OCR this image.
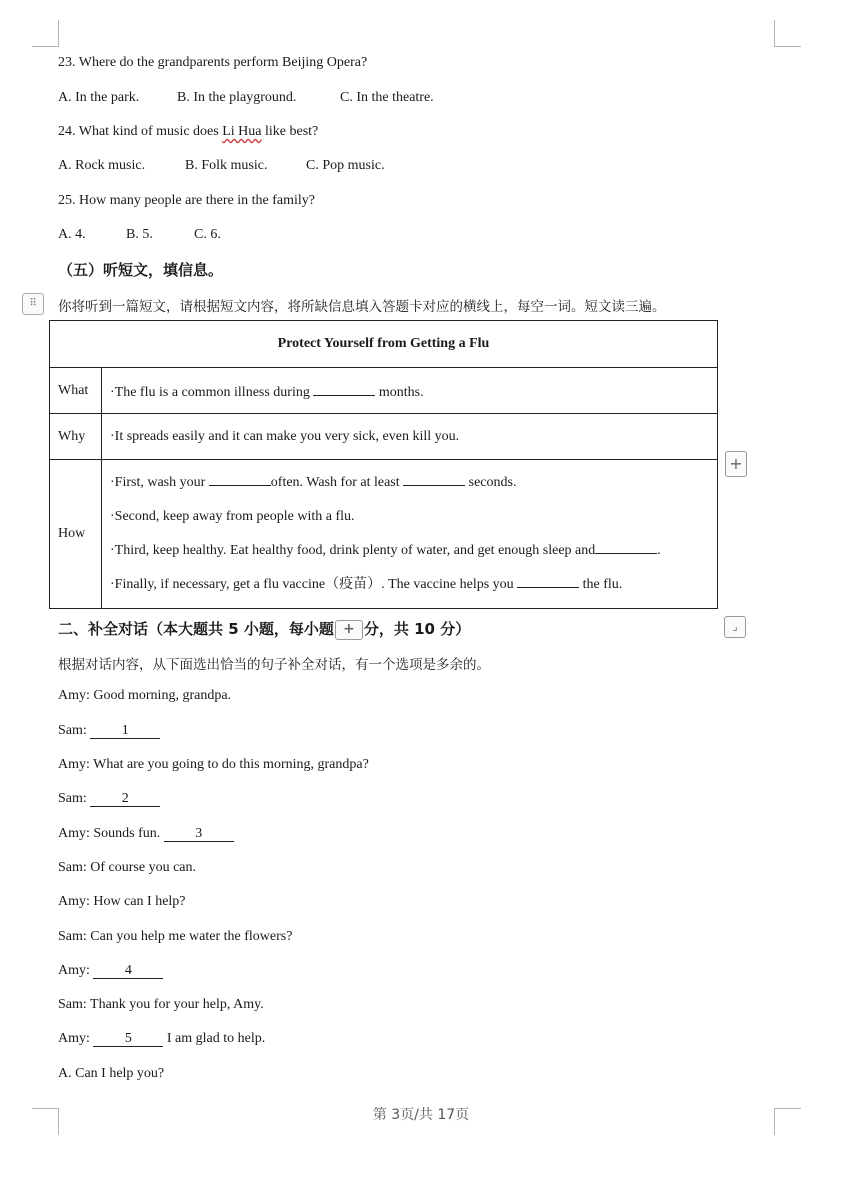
23. Where do the grandparents perform Beijing Opera?
A. In the park.	B. In the playground.	C. In the theatre.
24. What kind of music does Li Hua like best?
A. Rock music.	B. Folk music.	C. Pop music.
25. How many people are there in the family?
A. 4.	B. 5.	C. 6.
（五）听短文，填信息。
⠿	你将听到一篇短文，请根据短文内容，将所缺信息填入答题卡对应的横线上，每空一词。短文读三遍。
Protect Yourself from Getting a Flu	
What	·The flu is a common illness during months.
Why	·It spreads easily and it can make you very sick, even kill you.
How	·First, wash your often. Wash for at least seconds.
·Second, keep away from people with a flu.
·Third, keep healthy. Eat healthy food, drink plenty of water, and get enough sleep and .
·Finally, if necessary, get a flu vaccine（疫苗）. The vaccine helps you the flu.
+
二、补全对话（本大题共 5 小题，每小题 + 分，共 10 分）	⌟
根据对话内容，从下面选出恰当的句子补全对话，有一个选项是多余的。
Amy: Good morning, grandpa.
Sam:	1
Amy: What are you going to do this morning, grandpa?
Sam:	2
Amy: Sounds fun.	3
Sam: Of course you can.
Amy: How can I help?
Sam: Can you help me water the flowers?
Amy:	4
Sam: Thank you for your help, Amy.
Amy:	5	I am glad to help.
A. Can I help you?
第 3页/共 17页
